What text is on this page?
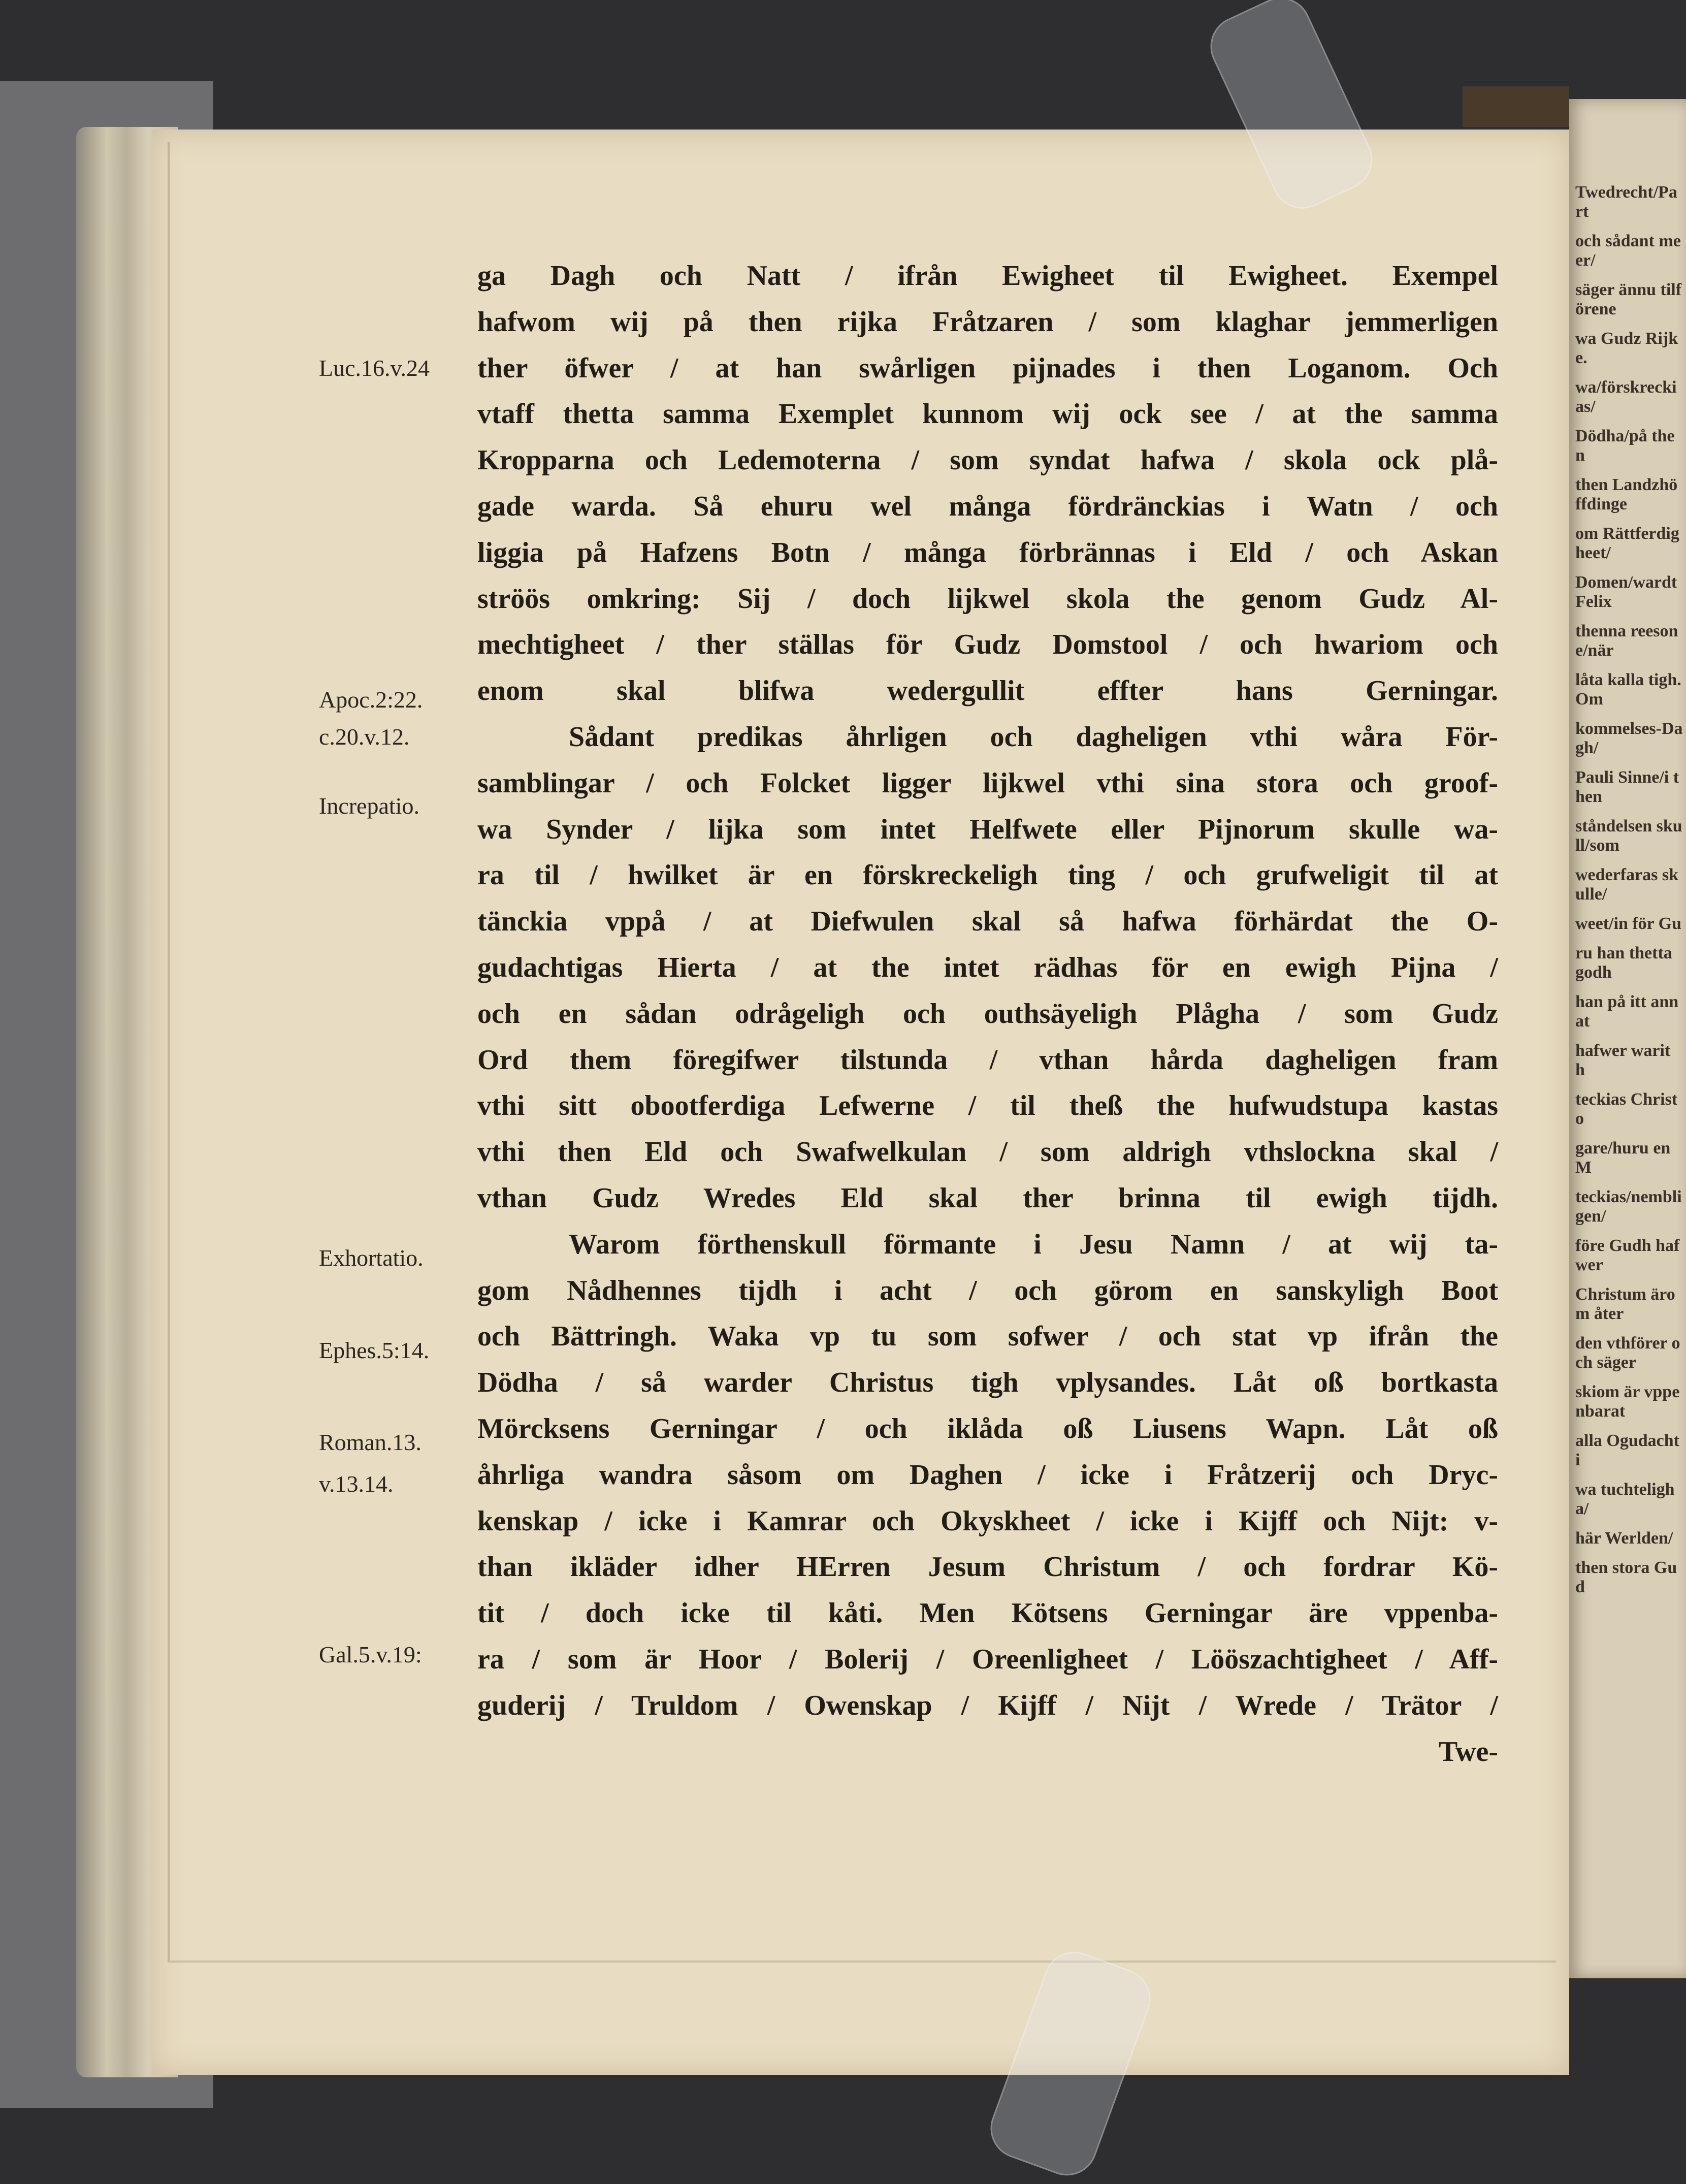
ga Dagh och Natt / ifrån Ewigheet til Ewigheet. Exempel
hafwom wij på then rijka Fråtzaren / som klaghar jemmerligen
ther öfwer / at han swårligen pijnades i then Loganom. Och
vtaff thetta samma Exemplet kunnom wij ock see / at the samma
Kropparna och Ledemoterna / som syndat hafwa / skola ock plå-
gade warda. Så ehuru wel många fördränckias i Watn / och
liggia på Hafzens Botn / många förbrännas i Eld / och Askan
ströös omkring: Sij / doch lijkwel skola the genom Gudz Al-
mechtigheet / ther ställas för Gudz Domstool / och hwariom och
enom skal blifwa wedergullit effter hans Gerningar.
Sådant predikas åhrligen och dagheligen vthi wåra För-
samblingar / och Folcket ligger lijkwel vthi sina stora och groof-
wa Synder / lijka som intet Helfwete eller Pijnorum skulle wa-
ra til / hwilket är en förskreckeligh ting / och grufweligit til at
tänckia vppå / at Diefwulen skal så hafwa förhärdat the O-
gudachtigas Hierta / at the intet rädhas för en ewigh Pijna /
och en sådan odrågeligh och outhsäyeligh Plågha / som Gudz
Ord them föregifwer tilstunda / vthan hårda dagheligen fram
vthi sitt obootferdiga Lefwerne / til theß the hufwudstupa kastas
vthi then Eld och Swafwelkulan / som aldrigh vthslockna skal /
vthan Gudz Wredes Eld skal ther brinna til ewigh tijdh.
Warom förthenskull förmante i Jesu Namn / at wij ta-
gom Nådhennes tijdh i acht / och görom en sanskyligh Boot
och Bättringh. Waka vp tu som sofwer / och stat vp ifrån the
Dödha / så warder Christus tigh vplysandes. Låt oß bortkasta
Mörcksens Gerningar / och iklåda oß Liusens Wapn. Låt oß
åhrliga wandra såsom om Daghen / icke i Fråtzerij och Dryc-
kenskap / icke i Kamrar och Okyskheet / icke i Kijff och Nijt: v-
than ikläder idher HErren Jesum Christum / och fordrar Kö-
tit / doch icke til kåti. Men Kötsens Gerningar äre vppenba-
ra / som är Hoor / Bolerij / Oreenligheet / Lööszachtigheet / Aff-
guderij / Truldom / Owenskap / Kijff / Nijt / Wrede / Trätor /
Twe-
Luc.16.v.24
Apoc.2:22.
c.20.v.12.
Increpatio.
Exhortatio.
Ephes.5:14.
Roman.13.
v.13.14.
Gal.5.v.19:
Twedrecht/Part
och sådant meer/
säger ännu tilförene
wa Gudz Rijke.
wa/förskreckias/
Dödha/på then
then Landzhöffdinge
om Rättferdigheet/
Domen/wardt Felix
thenna reesone/när
låta kalla tigh. Om
kommelses-Dagh/
Pauli Sinne/i then
ståndelsen skull/som
wederfaras skulle/
weet/in för Gu
ru han thetta godh
han på itt annat
hafwer warit h
teckias Christo
gare/huru en M
teckias/nembligen/
före Gudh hafwer
Christum ärom åter
den vthförer och säger
skiom är vppenbarat
alla Ogudachti
wa tuchteligha/
här Werlden/
then stora Gud
